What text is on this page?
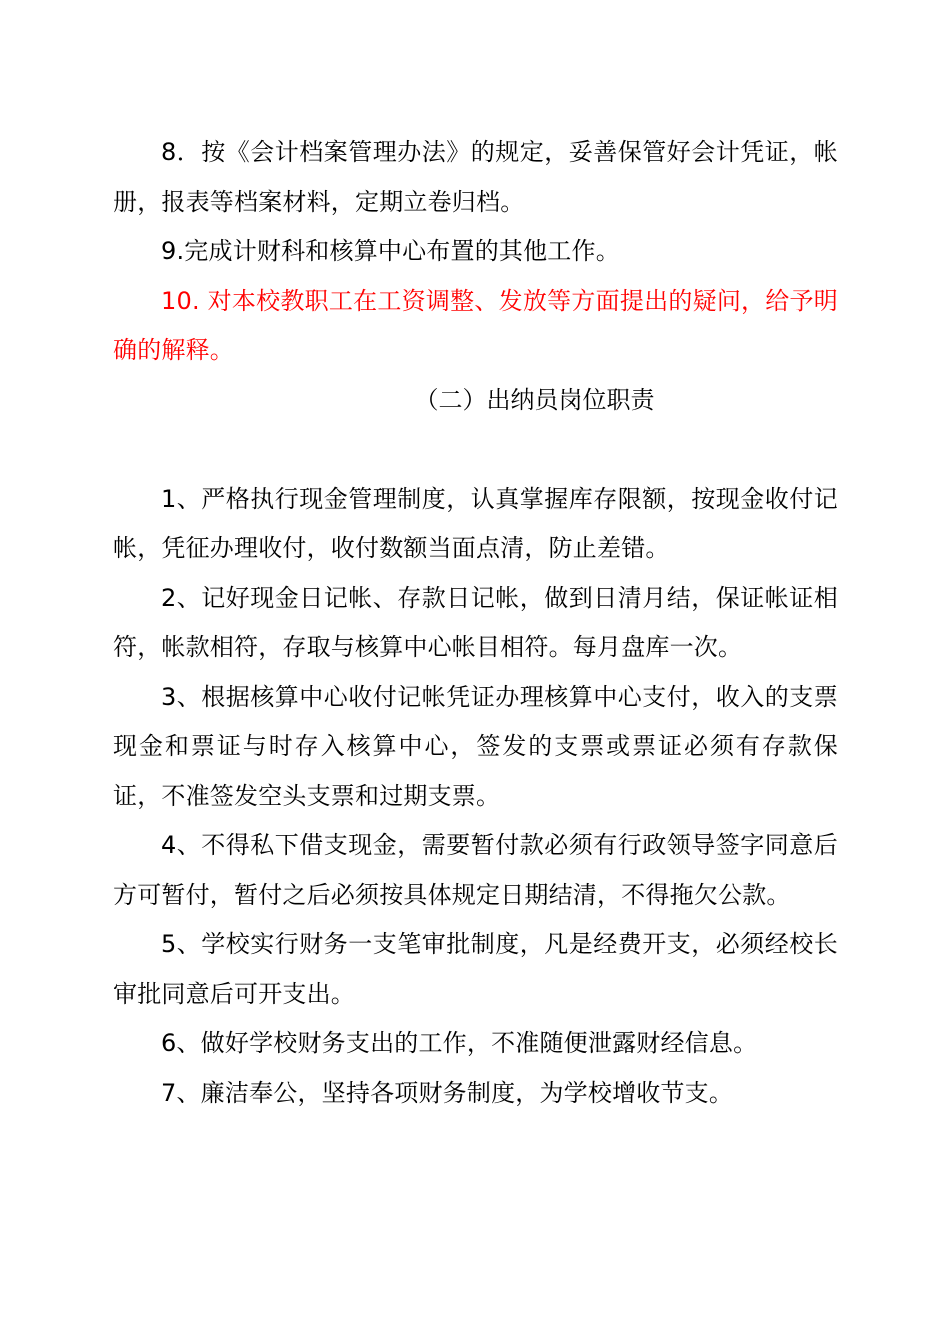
8．按《会计档案管理办法》的规定，妥善保管好会计凭证，帐册，报表等档案材料，定期立卷归档。

9.完成计财科和核算中心布置的其他工作。

10. 对本校教职工在工资调整、发放等方面提出的疑问，给予明确的解释。

（二）出纳员岗位职责

1、严格执行现金管理制度，认真掌握库存限额，按现金收付记帐，凭征办理收付，收付数额当面点清，防止差错。

2、记好现金日记帐、存款日记帐，做到日清月结，保证帐证相符，帐款相符，存取与核算中心帐目相符。每月盘库一次。

3、根据核算中心收付记帐凭证办理核算中心支付，收入的支票现金和票证与时存入核算中心，签发的支票或票证必须有存款保证，不准签发空头支票和过期支票。

4、不得私下借支现金，需要暂付款必须有行政领导签字同意后方可暂付，暂付之后必须按具体规定日期结清，不得拖欠公款。

5、学校实行财务一支笔审批制度，凡是经费开支，必须经校长审批同意后可开支出。

6、做好学校财务支出的工作，不准随便泄露财经信息。

7、廉洁奉公，坚持各项财务制度，为学校增收节支。
